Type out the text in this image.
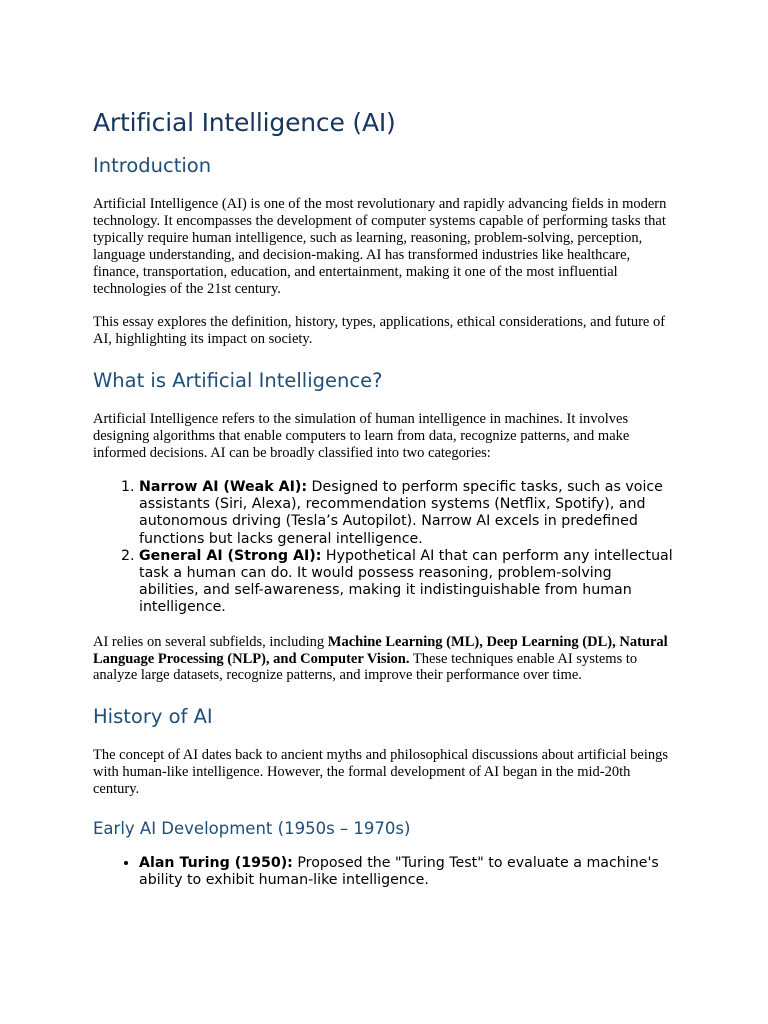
Artificial Intelligence (AI)
Introduction

Artificial Intelligence (AI) is one of the most revolutionary and rapidly advancing fields in modern technology. It encompasses the development of computer systems capable of performing tasks that typically require human intelligence, such as learning, reasoning, problem-solving, perception, language understanding, and decision-making. AI has transformed industries like healthcare, finance, transportation, education, and entertainment, making it one of the most influential technologies of the 21st century.

This essay explores the definition, history, types, applications, ethical considerations, and future of AI, highlighting its impact on society.

What is Artificial Intelligence?

Artificial Intelligence refers to the simulation of human intelligence in machines. It involves designing algorithms that enable computers to learn from data, recognize patterns, and make informed decisions. AI can be broadly classified into two categories:

1. Narrow AI (Weak AI): Designed to perform specific tasks, such as voice assistants (Siri, Alexa), recommendation systems (Netflix, Spotify), and autonomous driving (Tesla’s Autopilot). Narrow AI excels in predefined functions but lacks general intelligence.
2. General AI (Strong AI): Hypothetical AI that can perform any intellectual task a human can do. It would possess reasoning, problem-solving abilities, and self-awareness, making it indistinguishable from human intelligence.

AI relies on several subfields, including Machine Learning (ML), Deep Learning (DL), Natural Language Processing (NLP), and Computer Vision. These techniques enable AI systems to analyze large datasets, recognize patterns, and improve their performance over time.

History of AI

The concept of AI dates back to ancient myths and philosophical discussions about artificial beings with human-like intelligence. However, the formal development of AI began in the mid-20th century.

Early AI Development (1950s – 1970s)
• Alan Turing (1950): Proposed the "Turing Test" to evaluate a machine's ability to exhibit human-like intelligence.
